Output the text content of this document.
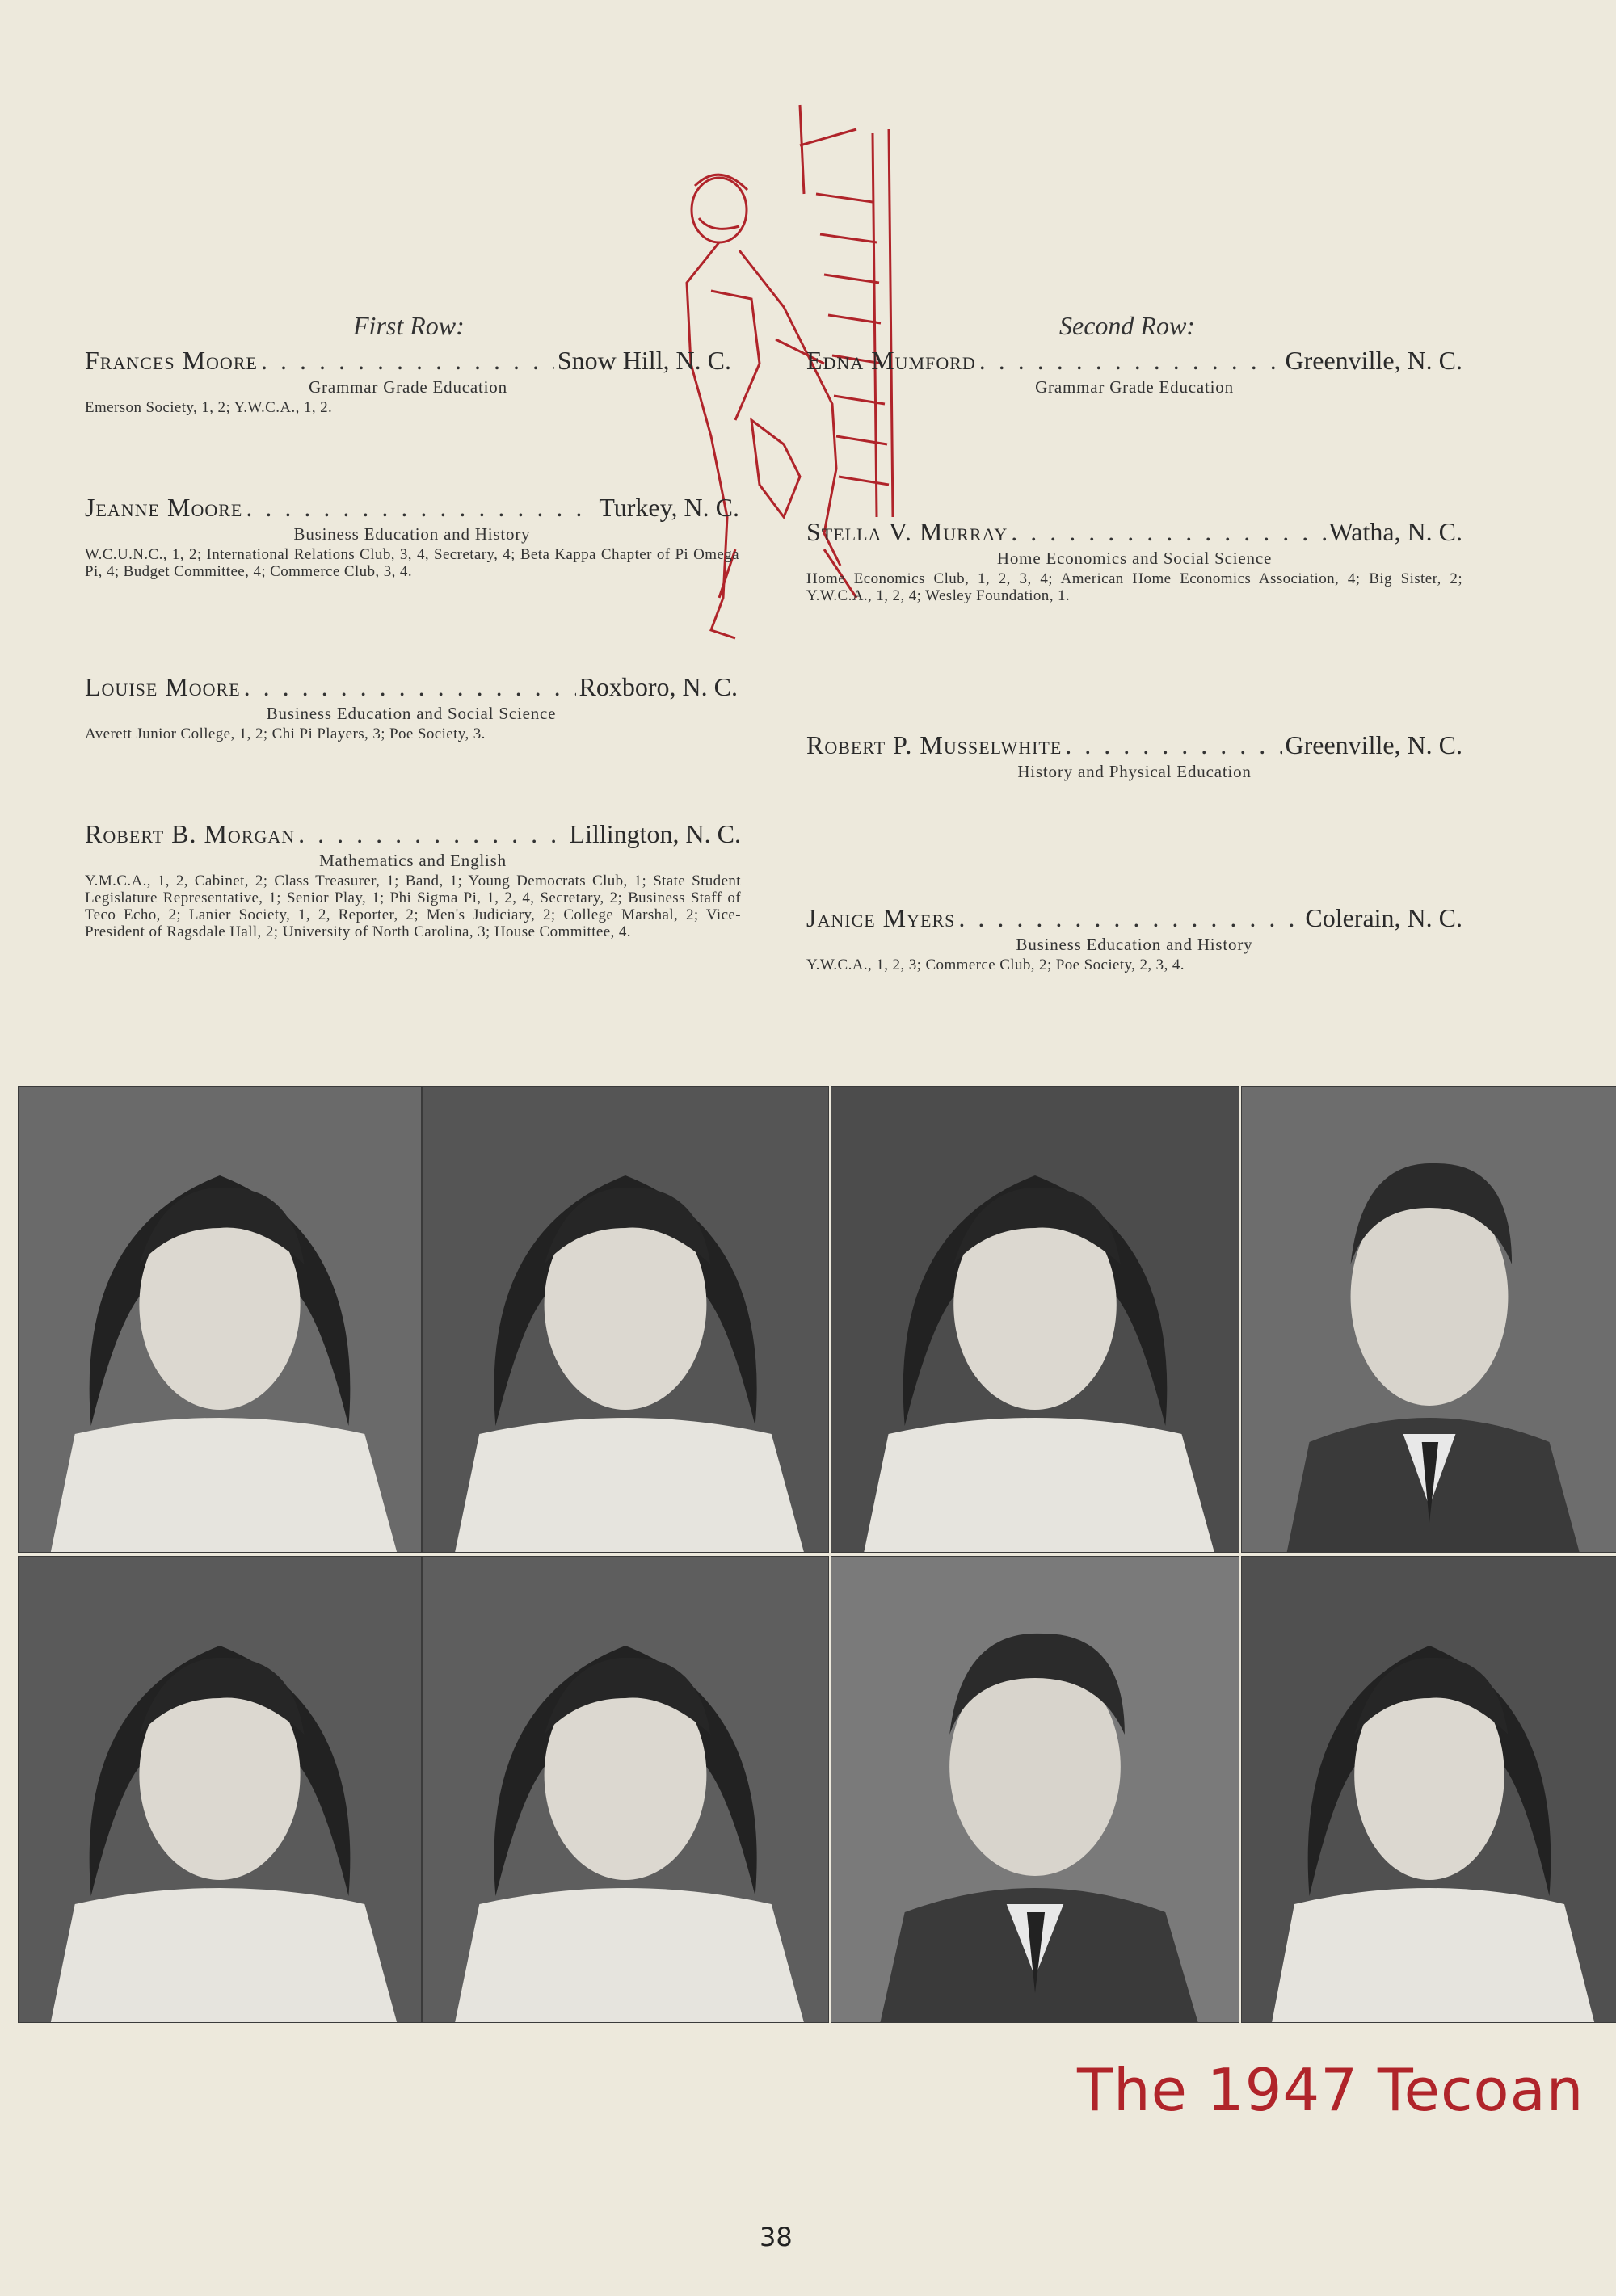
First Row:	Second Row:
Frances Moore . . .	Snow Hill, N. C.
Grammar Grade Education
Emerson Society, 1, 2; Y.W.C.A., 1, 2.
Jeanne Moore . . .	Turkey, N. C.
Business Education and History
W.C.U.N.C., 1, 2; International Relations Club, 3, 4, Secretary, 4; Beta Kappa Chapter of Pi Omega Pi, 4; Budget Committee, 4; Commerce Club, 3, 4.
Louise Moore . . .	Roxboro, N. C.
Business Education and Social Science
Averett Junior College, 1, 2; Chi Pi Players, 3; Poe Society, 3.
Robert B. Morgan . . .	Lillington, N. C.
Mathematics and English
Y.M.C.A., 1, 2, Cabinet, 2; Class Treasurer, 1; Band, 1; Young Democrats Club, 1; State Student Legislature Representative, 1; Senior Play, 1; Phi Sigma Pi, 1, 2, 4, Secretary, 2; Business Staff of Teco Echo, 2; Lanier Society, 1, 2, Reporter, 2; Men's Judiciary, 2; College Marshal, 2; Vice-President of Ragsdale Hall, 2; University of North Carolina, 3; House Committee, 4.
Edna Mumford . . .	Greenville, N. C.
Grammar Grade Education
Stella V. Murray . . .	Watha, N. C.
Home Economics and Social Science
Home Economics Club, 1, 2, 3, 4; American Home Economics Association, 4; Big Sister, 2; Y.W.C.A., 1, 2, 4; Wesley Foundation, 1.
Robert P. Musselwhite . . .	Greenville, N. C.
History and Physical Education
Janice Myers . . .	Colerain, N. C.
Business Education and History
Y.W.C.A., 1, 2, 3; Commerce Club, 2; Poe Society, 2, 3, 4.
The 1947 Tecoan
38
